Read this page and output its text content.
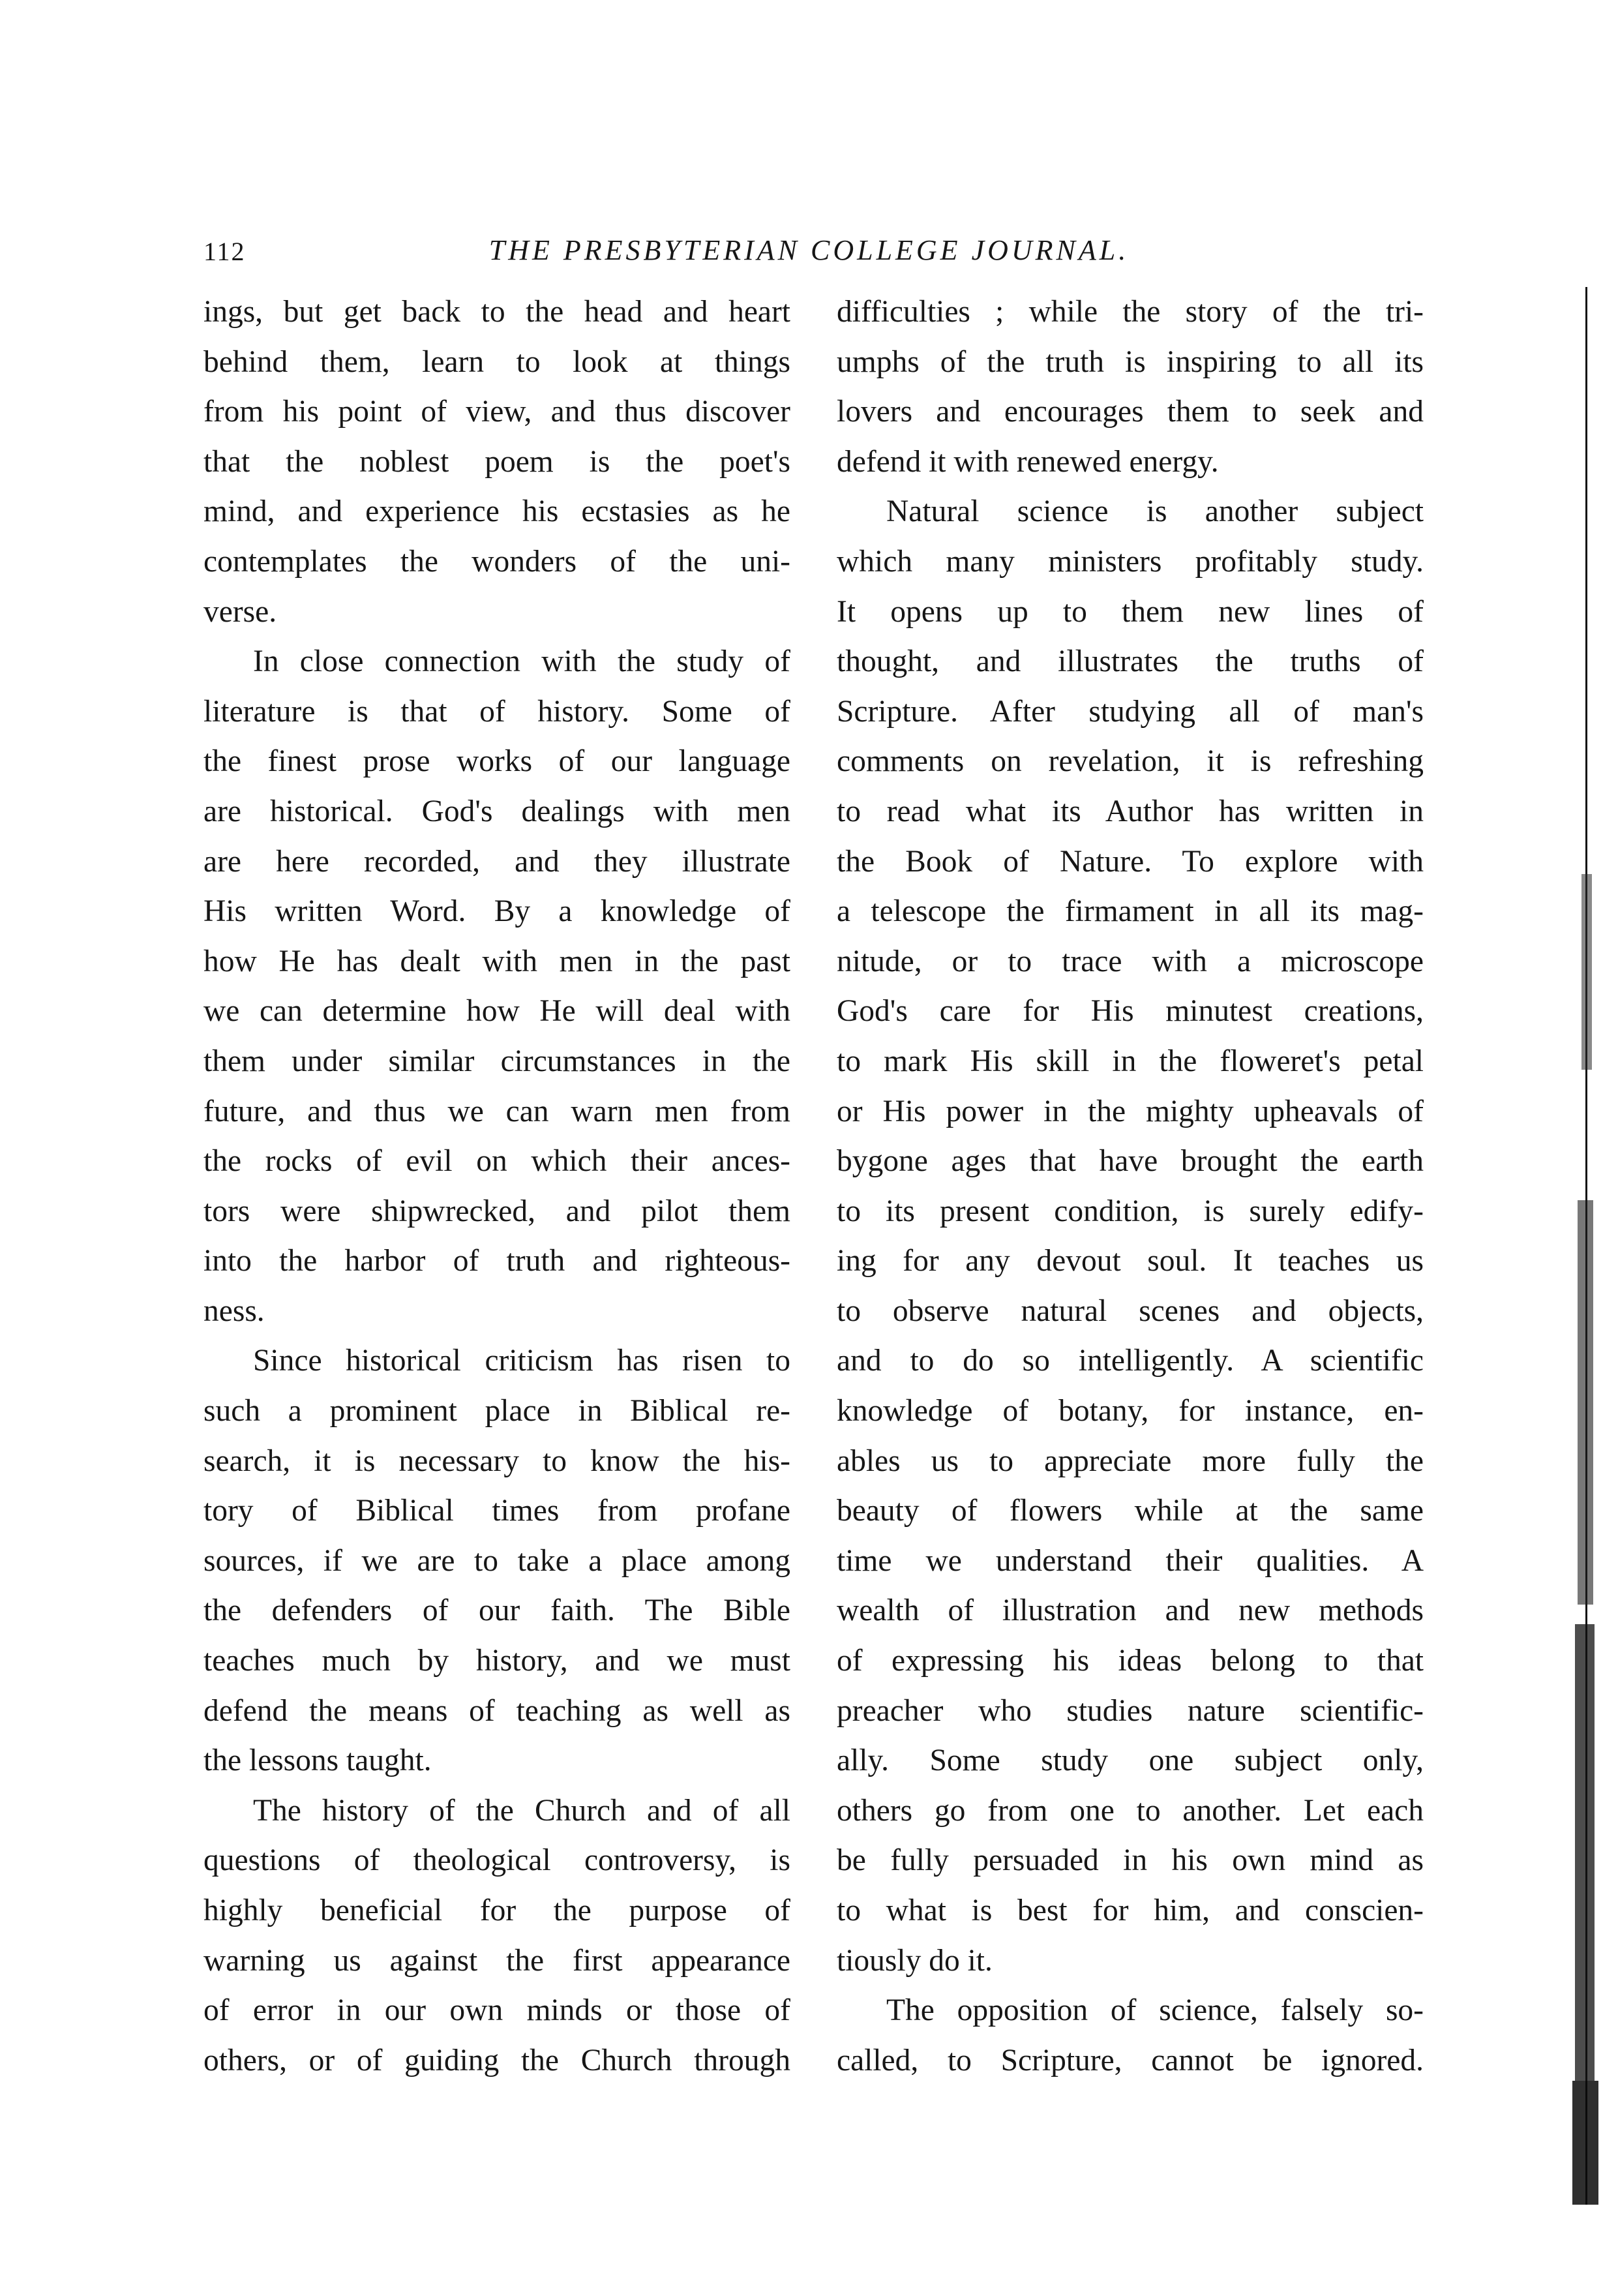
112	THE PRESBYTERIAN COLLEGE JOURNAL.
ings, but get back to the head and heart
behind them, learn to look at things
from his point of view, and thus discover
that the noblest poem is the poet's
mind, and experience his ecstasies as he
contemplates the wonders of the uni-
verse.
In close connection with the study of
literature is that of history. Some of
the finest prose works of our language
are historical. God's dealings with men
are here recorded, and they illustrate
His written Word. By a knowledge of
how He has dealt with men in the past
we can determine how He will deal with
them under similar circumstances in the
future, and thus we can warn men from
the rocks of evil on which their ances-
tors were shipwrecked, and pilot them
into the harbor of truth and righteous-
ness.
Since historical criticism has risen to
such a prominent place in Biblical re-
search, it is necessary to know the his-
tory of Biblical times from profane
sources, if we are to take a place among
the defenders of our faith. The Bible
teaches much by history, and we must
defend the means of teaching as well as
the lessons taught.
The history of the Church and of all
questions of theological controversy, is
highly beneficial for the purpose of
warning us against the first appearance
of error in our own minds or those of
others, or of guiding the Church through
difficulties ; while the story of the tri-
umphs of the truth is inspiring to all its
lovers and encourages them to seek and
defend it with renewed energy.
Natural science is another subject
which many ministers profitably study.
It opens up to them new lines of
thought, and illustrates the truths of
Scripture. After studying all of man's
comments on revelation, it is refreshing
to read what its Author has written in
the Book of Nature. To explore with
a telescope the firmament in all its mag-
nitude, or to trace with a microscope
God's care for His minutest creations,
to mark His skill in the floweret's petal
or His power in the mighty upheavals of
bygone ages that have brought the earth
to its present condition, is surely edify-
ing for any devout soul. It teaches us
to observe natural scenes and objects,
and to do so intelligently. A scientific
knowledge of botany, for instance, en-
ables us to appreciate more fully the
beauty of flowers while at the same
time we understand their qualities. A
wealth of illustration and new methods
of expressing his ideas belong to that
preacher who studies nature scientific-
ally. Some study one subject only,
others go from one to another. Let each
be fully persuaded in his own mind as
to what is best for him, and conscien-
tiously do it.
The opposition of science, falsely so-
called, to Scripture, cannot be ignored.
